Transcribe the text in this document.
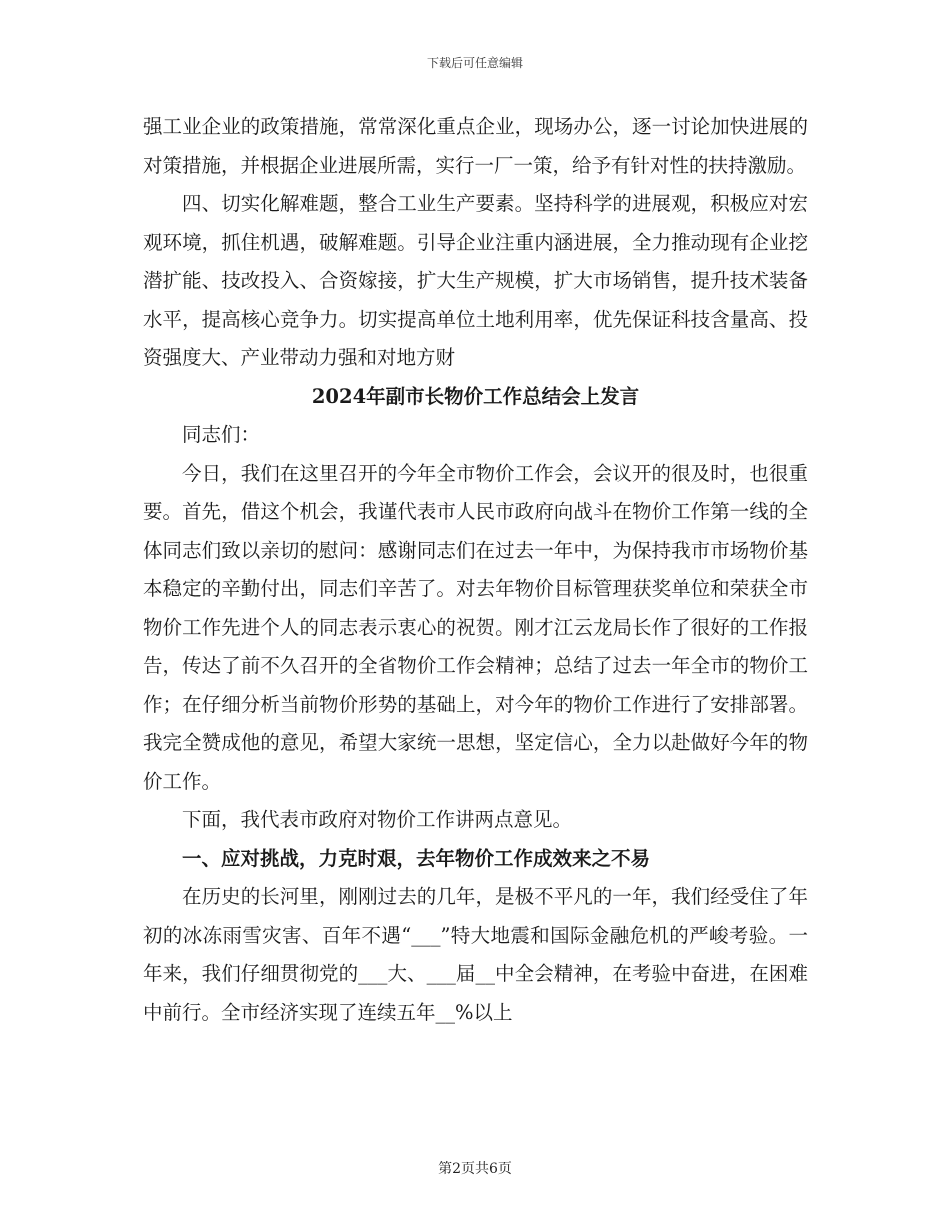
下载后可任意编辑

强工业企业的政策措施，常常深化重点企业，现场办公，逐一讨论加快进展的对策措施，并根据企业进展所需，实行一厂一策，给予有针对性的扶持激励。

四、切实化解难题，整合工业生产要素。坚持科学的进展观，积极应对宏观环境，抓住机遇，破解难题。引导企业注重内涵进展，全力推动现有企业挖潜扩能、技改投入、合资嫁接，扩大生产规模，扩大市场销售，提升技术装备水平，提高核心竞争力。切实提高单位土地利用率，优先保证科技含量高、投资强度大、产业带动力强和对地方财

2024年副市长物价工作总结会上发言

同志们：

今日，我们在这里召开的今年全市物价工作会，会议开的很及时，也很重要。首先，借这个机会，我谨代表市人民市政府向战斗在物价工作第一线的全体同志们致以亲切的慰问：感谢同志们在过去一年中，为保持我市市场物价基本稳定的辛勤付出，同志们辛苦了。对去年物价目标管理获奖单位和荣获全市物价工作先进个人的同志表示衷心的祝贺。刚才江云龙局长作了很好的工作报告，传达了前不久召开的全省物价工作会精神；总结了过去一年全市的物价工作；在仔细分析当前物价形势的基础上，对今年的物价工作进行了安排部署。我完全赞成他的意见，希望大家统一思想，坚定信心，全力以赴做好今年的物价工作。

下面，我代表市政府对物价工作讲两点意见。

一、应对挑战，力克时艰，去年物价工作成效来之不易

在历史的长河里，刚刚过去的几年，是极不平凡的一年，我们经受住了年初的冰冻雨雪灾害、百年不遇“___”特大地震和国际金融危机的严峻考验。一年来，我们仔细贯彻党的___大、___届__中全会精神，在考验中奋进，在困难中前行。全市经济实现了连续五年__%以上

第2页共6页
